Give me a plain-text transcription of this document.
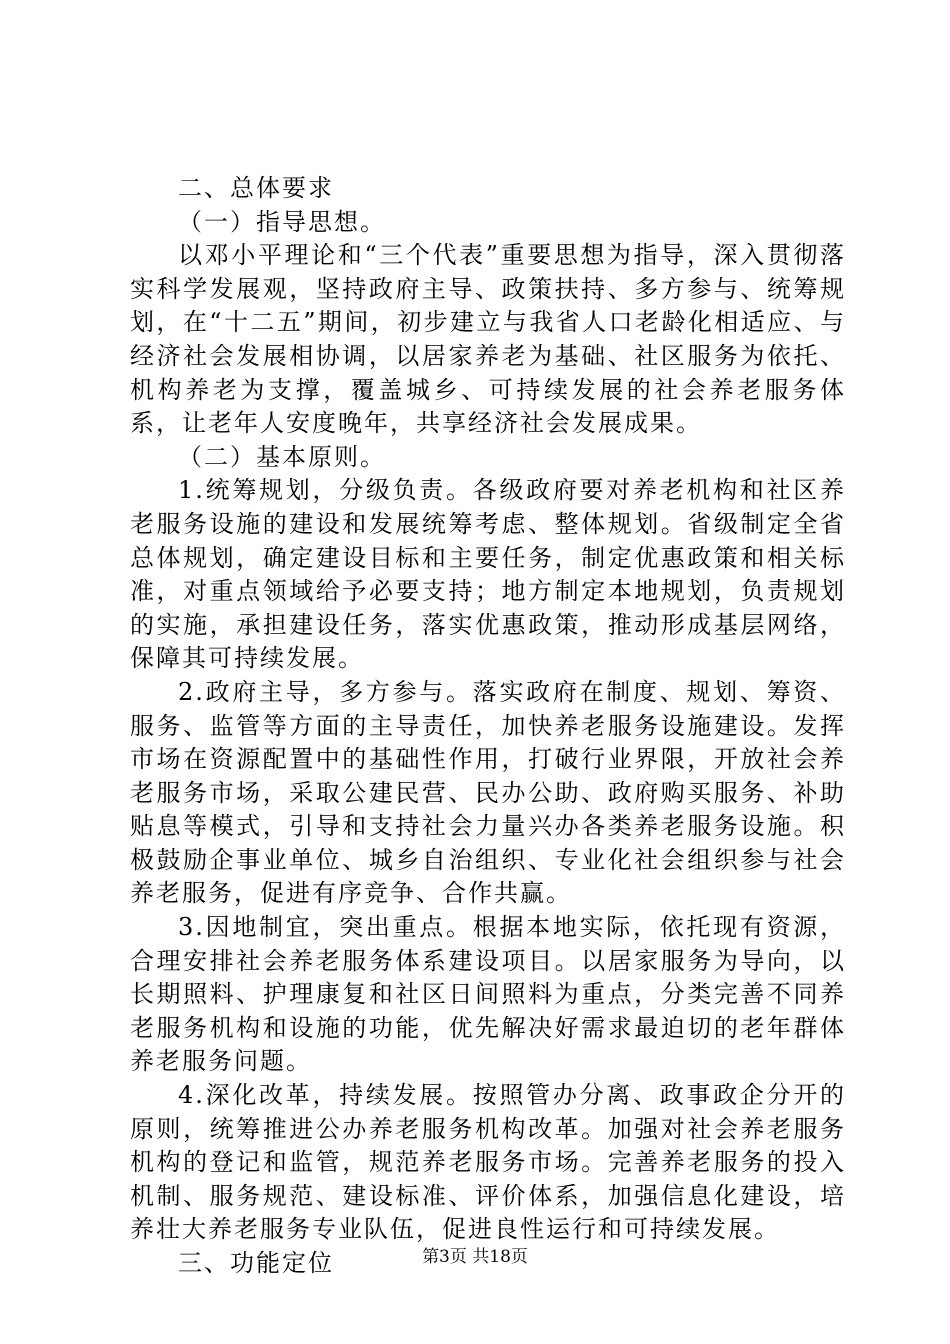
二、总体要求

（一）指导思想。

以邓小平理论和“三个代表”重要思想为指导，深入贯彻落实科学发展观，坚持政府主导、政策扶持、多方参与、统筹规划，在“十二五”期间，初步建立与我省人口老龄化相适应、与经济社会发展相协调，以居家养老为基础、社区服务为依托、机构养老为支撑，覆盖城乡、可持续发展的社会养老服务体系，让老年人安度晚年，共享经济社会发展成果。

（二）基本原则。

1.统筹规划，分级负责。各级政府要对养老机构和社区养老服务设施的建设和发展统筹考虑、整体规划。省级制定全省总体规划，确定建设目标和主要任务，制定优惠政策和相关标准，对重点领域给予必要支持；地方制定本地规划，负责规划的实施，承担建设任务，落实优惠政策，推动形成基层网络，保障其可持续发展。

2.政府主导，多方参与。落实政府在制度、规划、筹资、服务、监管等方面的主导责任，加快养老服务设施建设。发挥市场在资源配置中的基础性作用，打破行业界限，开放社会养老服务市场，采取公建民营、民办公助、政府购买服务、补助贴息等模式，引导和支持社会力量兴办各类养老服务设施。积极鼓励企事业单位、城乡自治组织、专业化社会组织参与社会养老服务，促进有序竞争、合作共赢。

3.因地制宜，突出重点。根据本地实际，依托现有资源，合理安排社会养老服务体系建设项目。以居家服务为导向，以长期照料、护理康复和社区日间照料为重点，分类完善不同养老服务机构和设施的功能，优先解决好需求最迫切的老年群体养老服务问题。

4.深化改革，持续发展。按照管办分离、政事政企分开的原则，统筹推进公办养老服务机构改革。加强对社会养老服务机构的登记和监管，规范养老服务市场。完善养老服务的投入机制、服务规范、建设标准、评价体系，加强信息化建设，培养壮大养老服务专业队伍，促进良性运行和可持续发展。

三、功能定位	第3页 共18页
